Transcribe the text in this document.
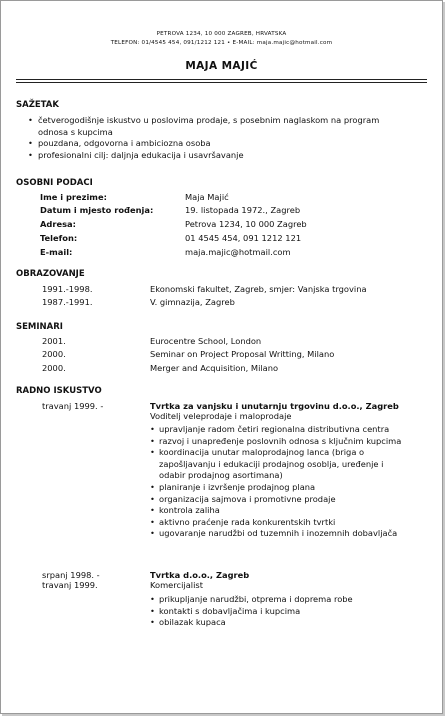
PETROVA 1234, 10 000 ZAGREB, HRVATSKA
TELEFON: 01/4545 454, 091/1212 121 • E-MAIL: maja.majic@hotmail.com
MAJA MAJIĆ
SAŽETAK
• četverogodišnje iskustvo u poslovima prodaje, s posebnim naglaskom na program
odnosa s kupcima
• pouzdana, odgovorna i ambiciozna osoba
• profesionalni cilj: daljnja edukacija i usavršavanje
OSOBNI PODACI
Ime i prezime:	Maja Majić
Datum i mjesto rođenja:	19. listopada 1972., Zagreb
Adresa:	Petrova 1234, 10 000 Zagreb
Telefon:	01 4545 454, 091 1212 121
E-mail:	maja.majic@hotmail.com
OBRAZOVANJE
1991.-1998.	Ekonomski fakultet, Zagreb, smjer: Vanjska trgovina
1987.-1991.	V. gimnazija, Zagreb
SEMINARI
2001.	Eurocentre School, London
2000.	Seminar on Project Proposal Writting, Milano
2000.	Merger and Acquisition, Milano
RADNO ISKUSTVO
travanj 1999. -	Tvrtka za vanjsku i unutarnju trgovinu d.o.o., Zagreb
Voditelj veleprodaje i maloprodaje
• upravljanje radom četiri regionalna distributivna centra
• razvoj i unapređenje poslovnih odnosa s ključnim kupcima
• koordinacija unutar maloprodajnog lanca (briga o
zapošljavanju i edukaciji prodajnog osoblja, uređenje i
odabir prodajnog asortimana)
• planiranje i izvršenje prodajnog plana
• organizacija sajmova i promotivne prodaje
• kontrola zaliha
• aktivno praćenje rada konkurentskih tvrtki
• ugovaranje narudžbi od tuzemnih i inozemnih dobavljača
srpanj 1998. -
travanj 1999.
Tvrtka d.o.o., Zagreb
Komercijalist
• prikupljanje narudžbi, otprema i doprema robe
• kontakti s dobavljačima i kupcima
• obilazak kupaca
